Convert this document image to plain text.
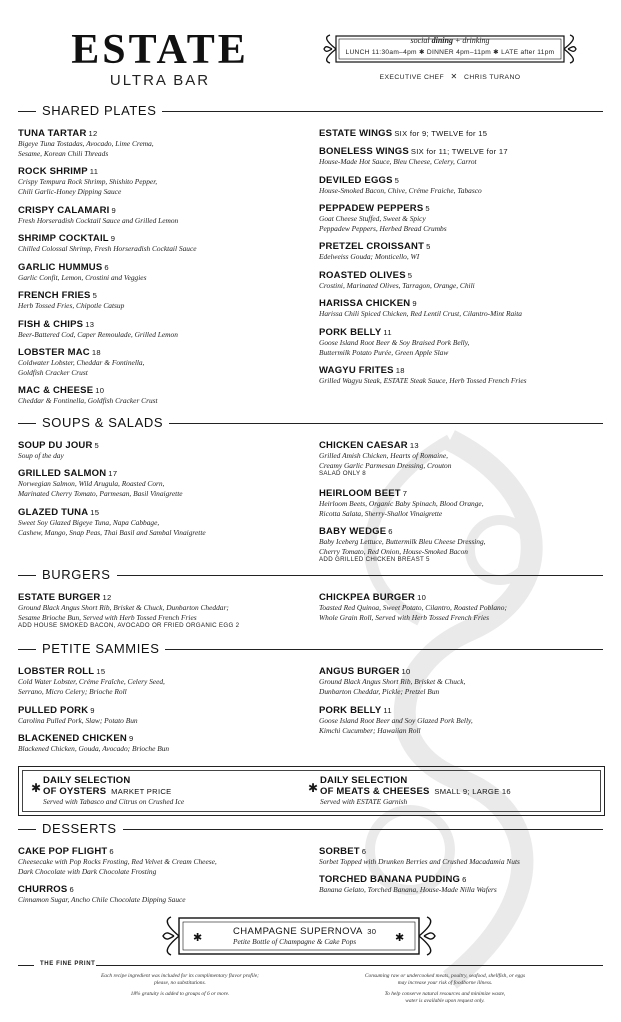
ESTATE
ULTRA BAR
social dining + drinking
LUNCH 11:30am–4pm ✱ DINNER 4pm–11pm ✱ LATE after 11pm
EXECUTIVE CHEF ✕ CHRIS TURANO
SHARED PLATES
SOUPS & SALADS
BURGERS
PETITE SAMMIES
DESSERTS
TUNA TARTAR 12
Bigeye Tuna Tostadas, Avocado, Lime Crema,
Sesame, Korean Chili Threads
ROCK SHRIMP 11
Crispy Tempura Rock Shrimp, Shishito Pepper,
Chili Garlic-Honey Dipping Sauce
CRISPY CALAMARI 9
Fresh Horseradish Cocktail Sauce and Grilled Lemon
SHRIMP COCKTAIL 9
Chilled Colossal Shrimp, Fresh Horseradish Cocktail Sauce
GARLIC HUMMUS 6
Garlic Confit, Lemon, Crostini and Veggies
FRENCH FRIES 5
Herb Tossed Fries, Chipotle Catsup
FISH & CHIPS 13
Beer-Battered Cod, Caper Remoulade, Grilled Lemon
LOBSTER MAC 18
Coldwater Lobster, Cheddar & Fontinella,
Goldfish Cracker Crust
MAC & CHEESE 10
Cheddar & Fontinella, Goldfish Cracker Crust
ESTATE WINGS SIX for 9; TWELVE for 15
BONELESS WINGS SIX for 11; TWELVE for 17
House-Made Hot Sauce, Bleu Cheese, Celery, Carrot
DEVILED EGGS 5
House-Smoked Bacon, Chive, Créme Fraiche, Tabasco
PEPPADEW PEPPERS 5
Goat Cheese Stuffed, Sweet & Spicy
Peppadew Peppers, Herbed Bread Crumbs
PRETZEL CROISSANT 5
Edelweiss Gouda; Monticello, WI
ROASTED OLIVES 5
Crostini, Marinated Olives, Tarragon, Orange, Chili
HARISSA CHICKEN 9
Harissa Chili Spiced Chicken, Red Lentil Crust, Cilantro-Mint Raita
PORK BELLY 11
Goose Island Root Beer & Soy Braised Pork Belly,
Buttermilk Potato Purée, Green Apple Slaw
WAGYU FRITES 18
Grilled Wagyu Steak, ESTATE Steak Sauce, Herb Tossed French Fries
SOUP DU JOUR 5
Soup of the day
GRILLED SALMON 17
Norwegian Salmon, Wild Arugula, Roasted Corn,
Marinated Cherry Tomato, Parmesan, Basil Vinaigrette
GLAZED TUNA 15
Sweet Soy Glazed Bigeye Tuna, Napa Cabbage,
Cashew, Mango, Snap Peas, Thai Basil and Sambal Vinaigrette
CHICKEN CAESAR 13
Grilled Amish Chicken, Hearts of Romaine,
Creamy Garlic Parmesan Dressing, Crouton
SALAD ONLY 8
HEIRLOOM BEET 7
Heirloom Beets, Organic Baby Spinach, Blood Orange,
Ricotta Salata, Sherry-Shallot Vinaigrette
BABY WEDGE 6
Baby Iceberg Lettuce, Buttermilk Bleu Cheese Dressing,
Cherry Tomato, Red Onion, House-Smoked Bacon
ADD GRILLED CHICKEN BREAST 5
ESTATE BURGER 12
Ground Black Angus Short Rib, Brisket & Chuck, Dunbarton Cheddar;
Sesame Brioche Bun, Served with Herb Tossed French Fries
ADD HOUSE SMOKED BACON, AVOCADO OR FRIED ORGANIC EGG 2
CHICKPEA BURGER 10
Toasted Red Quinoa, Sweet Potato, Cilantro, Roasted Poblano;
Whole Grain Roll, Served with Herb Tossed French Fries
LOBSTER ROLL 15
Cold Water Lobster, Créme Fraîche, Celery Seed,
Serrano, Micro Celery; Brioche Roll
PULLED PORK 9
Carolina Pulled Pork, Slaw; Potato Bun
BLACKENED CHICKEN 9
Blackened Chicken, Gouda, Avocado; Brioche Bun
ANGUS BURGER 10
Ground Black Angus Short Rib, Brisket & Chuck,
Dunbarton Cheddar, Pickle; Pretzel Bun
PORK BELLY 11
Goose Island Root Beer and Soy Glazed Pork Belly,
Kimchi Cucumber; Hawaiian Roll
CAKE POP FLIGHT 6
Cheesecake with Pop Rocks Frosting, Red Velvet & Cream Cheese,
Dark Chocolate with Dark Chocolate Frosting
CHURROS 6
Cinnamon Sugar, Ancho Chile Chocolate Dipping Sauce
SORBET 6
Sorbet Topped with Drunken Berries and Crushed Macadamia Nuts
TORCHED BANANA PUDDING 6
Banana Gelato, Torched Banana, House-Made Nilla Wafers
✱
DAILY SELECTION
OF OYSTERS MARKET PRICE
Served with Tabasco and Citrus on Crushed Ice
✱
DAILY SELECTION
OF MEATS & CHEESES SMALL 9; LARGE 16
Served with ESTATE Garnish
✱	✱
CHAMPAGNE SUPERNOVA 30
Petite Bottle of Champagne & Cake Pops
THE FINE PRINT
Each recipe ingredient was included for its complimentary flavor profile;
please, no substitutions.
18% gratuity is added to groups of 6 or more.
Consuming raw or undercooked meats, poultry, seafood, shellfish, or eggs
may increase your risk of foodborne illness.
To help conserve natural resources and minimize waste,
water is available upon request only.
